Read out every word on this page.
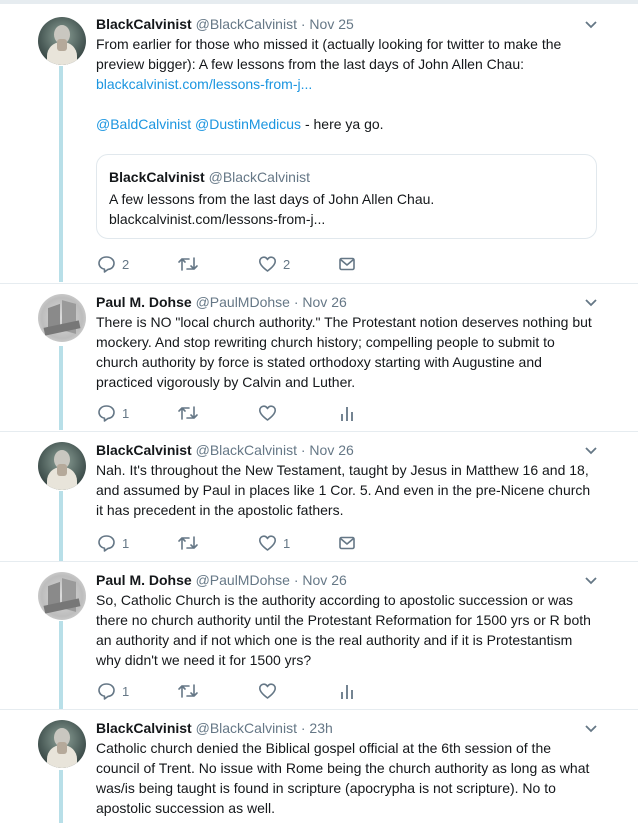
BlackCalvinist @BlackCalvinist · Nov 25
From earlier for those who missed it (actually looking for twitter to make the
preview bigger): A few lessons from the last days of John Allen Chau:
blackcalvinist.com/lessons-from-j...
@BaldCalvinist @DustinMedicus - here ya go.
BlackCalvinist @BlackCalvinist
A few lessons from the last days of John Allen Chau.
blackcalvinist.com/lessons-from-j...
2	2
Paul M. Dohse @PaulMDohse · Nov 26
There is NO "local church authority." The Protestant notion deserves nothing but
mockery. And stop rewriting church history; compelling people to submit to
church authority by force is stated orthodoxy starting with Augustine and
practiced vigorously by Calvin and Luther.
1
BlackCalvinist @BlackCalvinist · Nov 26
Nah. It's throughout the New Testament, taught by Jesus in Matthew 16 and 18,
and assumed by Paul in places like 1 Cor. 5. And even in the pre-Nicene church
it has precedent in the apostolic fathers.
1	1
Paul M. Dohse @PaulMDohse · Nov 26
So, Catholic Church is the authority according to apostolic succession or was
there no church authority until the Protestant Reformation for 1500 yrs or R both
an authority and if not which one is the real authority and if it is Protestantism
why didn't we need it for 1500 yrs?
1
BlackCalvinist @BlackCalvinist · 23h
Catholic church denied the Biblical gospel official at the 6th session of the
council of Trent. No issue with Rome being the church authority as long as what
was/is being taught is found in scripture (apocrypha is not scripture). No to
apostolic succession as well.
